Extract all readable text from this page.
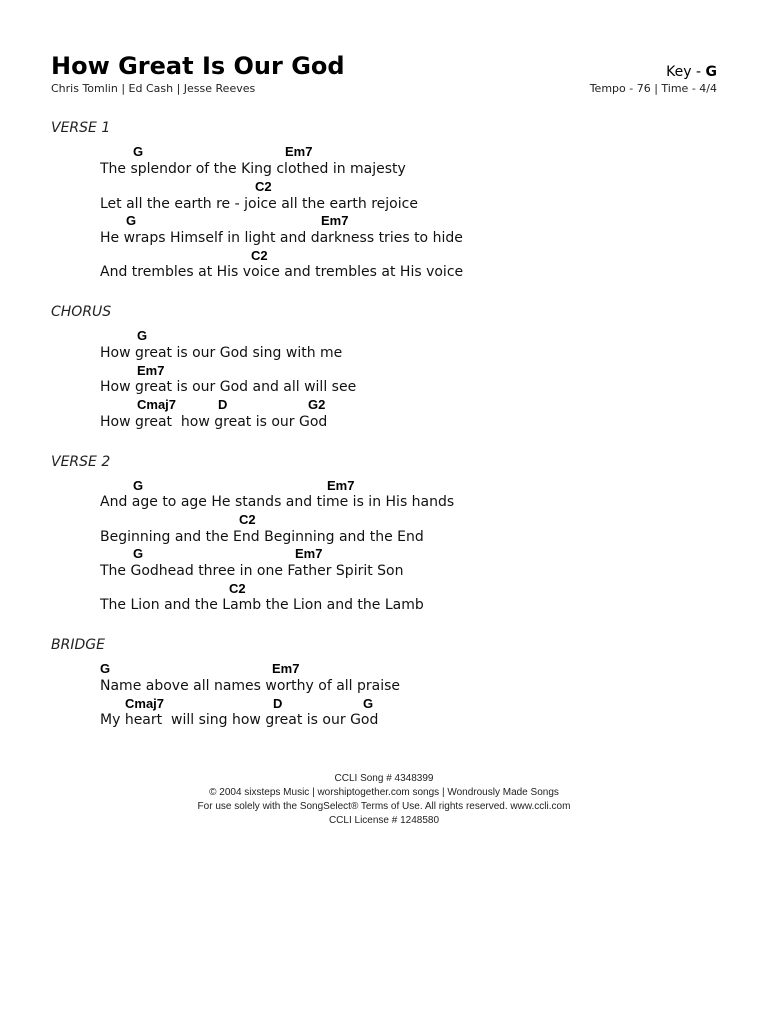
How Great Is Our God
Chris Tomlin | Ed Cash | Jesse Reeves
Key - G
Tempo - 76 | Time - 4/4
VERSE 1
G	Em7
The splendor of the King clothed in majesty
C2
Let all the earth re - joice all the earth rejoice
G	Em7
He wraps Himself in light and darkness tries to hide
C2
And trembles at His voice and trembles at His voice
CHORUS
G
How great is our God sing with me
Em7
How great is our God and all will see
Cmaj7	D	G2
How great  how great is our God
VERSE 2
G	Em7
And age to age He stands and time is in His hands
C2
Beginning and the End Beginning and the End
G	Em7
The Godhead three in one Father Spirit Son
C2
The Lion and the Lamb the Lion and the Lamb
BRIDGE
G	Em7
Name above all names worthy of all praise
Cmaj7	D	G
My heart  will sing how great is our God
CCLI Song # 4348399
© 2004 sixsteps Music | worshiptogether.com songs | Wondrously Made Songs
For use solely with the SongSelect® Terms of Use. All rights reserved. www.ccli.com
CCLI License # 1248580
